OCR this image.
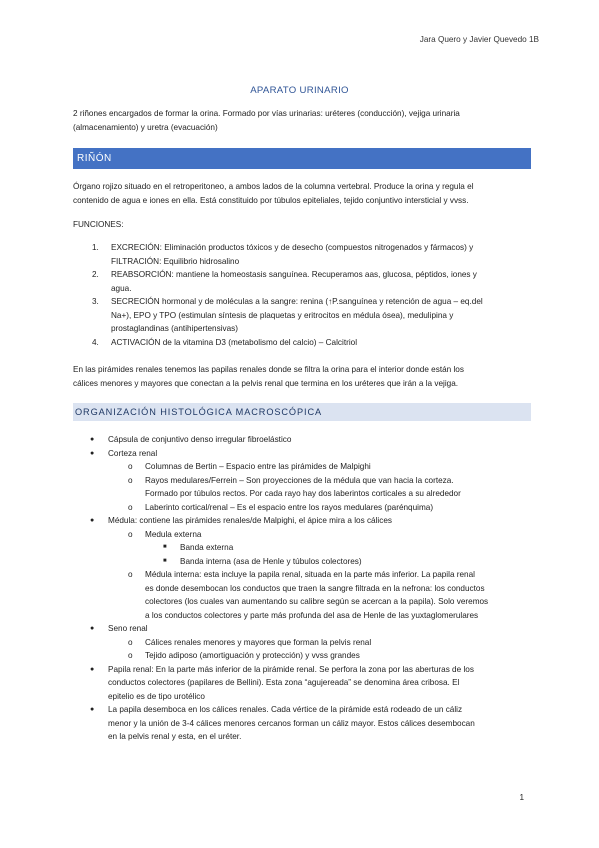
Jara Quero y Javier Quevedo 1B
APARATO URINARIO
2 riñones encargados de formar la orina. Formado por vías urinarias: uréteres (conducción), vejiga urinaria
(almacenamiento) y uretra (evacuación)
RIÑÓN
Órgano rojizo situado en el retroperitoneo, a ambos lados de la columna vertebral. Produce la orina y regula el
contenido de agua e iones en ella. Está constituido por túbulos epiteliales, tejido conjuntivo intersticial y vvss.
FUNCIONES:
1. EXCRECIÓN: Eliminación productos tóxicos y de desecho (compuestos nitrogenados y fármacos) y
FILTRACIÓN: Equilibrio hidrosalino
2. REABSORCIÓN: mantiene la homeostasis sanguínea. Recuperamos aas, glucosa, péptidos, iones y
agua.
3. SECRECIÓN hormonal y de moléculas a la sangre: renina (↑P.sanguínea y retención de agua – eq.del
Na+), EPO y TPO (estimulan síntesis de plaquetas y eritrocitos en médula ósea), medulipina y
prostaglandinas (antihipertensivas)
4. ACTIVACIÓN de la vitamina D3 (metabolismo del calcio) – Calcitriol
En las pirámides renales tenemos las papilas renales donde se filtra la orina para el interior donde están los
cálices menores y mayores que conectan a la pelvis renal que termina en los uréteres que irán a la vejiga.
ORGANIZACIÓN HISTOLÓGICA MACROSCÓPICA
● Cápsula de conjuntivo denso irregular fibroelástico
● Corteza renal
o Columnas de Bertin – Espacio entre las pirámides de Malpighi
o Rayos medulares/Ferrein – Son proyecciones de la médula que van hacia la corteza.
Formado por túbulos rectos. Por cada rayo hay dos laberintos corticales a su alrededor
o Laberinto cortical/renal – Es el espacio entre los rayos medulares (parénquima)
● Médula: contiene las pirámides renales/de Malpighi, el ápice mira a los cálices
o Medula externa
■ Banda externa
■ Banda interna (asa de Henle y túbulos colectores)
o Médula interna: esta incluye la papila renal, situada en la parte más inferior. La papila renal
es donde desembocan los conductos que traen la sangre filtrada en la nefrona: los conductos
colectores (los cuales van aumentando su calibre según se acercan a la papila). Solo veremos
a los conductos colectores y parte más profunda del asa de Henle de las yuxtaglomerulares
● Seno renal
o Cálices renales menores y mayores que forman la pelvis renal
o Tejido adiposo (amortiguación y protección) y vvss grandes
● Papila renal: En la parte más inferior de la pirámide renal. Se perfora la zona por las aberturas de los
conductos colectores (papilares de Bellini). Esta zona “agujereada” se denomina área cribosa. El
epitelio es de tipo urotélico
● La papila desemboca en los cálices renales. Cada vértice de la pirámide está rodeado de un cáliz
menor y la unión de 3-4 cálices menores cercanos forman un cáliz mayor. Estos cálices desembocan
en la pelvis renal y esta, en el uréter.
1
